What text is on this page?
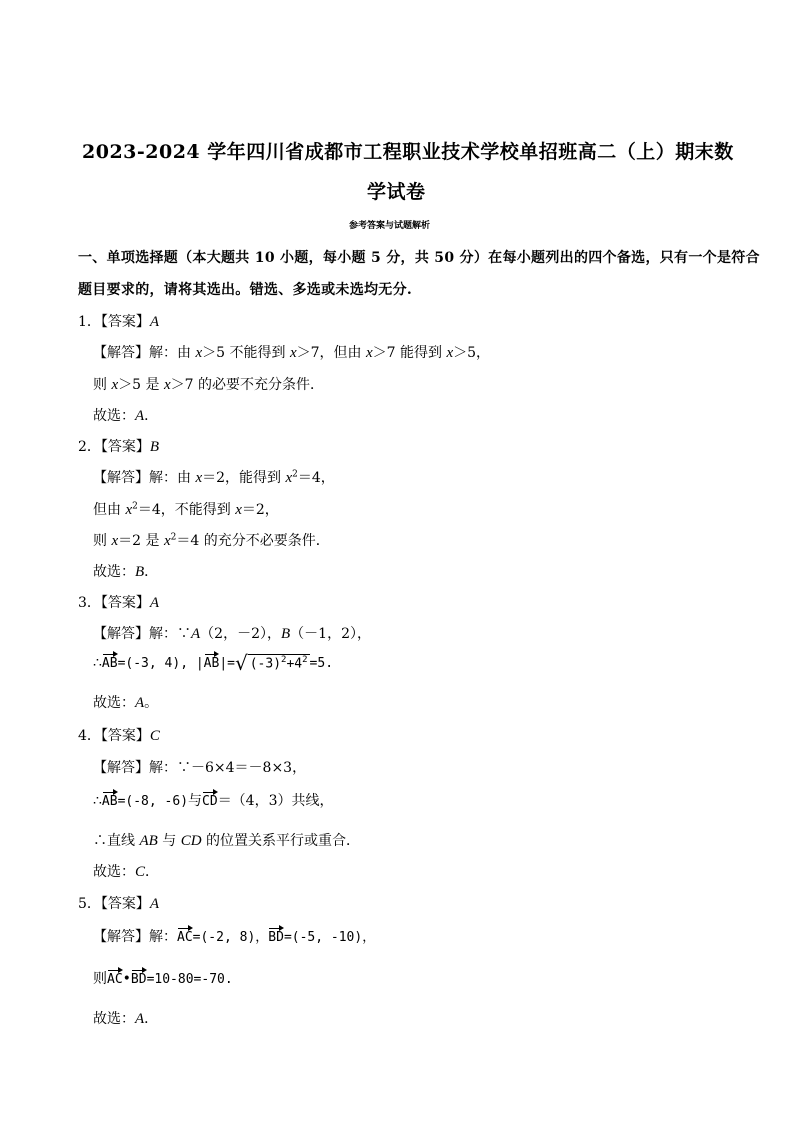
2023-2024 学年四川省成都市工程职业技术学校单招班高二（上）期末数
学试卷
参考答案与试题解析
一、单项选择题（本大题共 10 小题，每小题 5 分，共 50 分）在每小题列出的四个备选，只有一个是符合
题目要求的，请将其选出。错选、多选或未选均无分.
1．【答案】A
【解答】解：由 x＞5 不能得到 x＞7，但由 x＞7 能得到 x＞5，
则 x＞5 是 x＞7 的必要不充分条件．
故选：A．
2．【答案】B
【解答】解：由 x＝2，能得到 $x^2=4$，
但由 $x^2=4$，不能得到 x＝2，
则 x＝2 是 $x^2=4$ 的充分不必要条件．
故选：B．
3．【答案】A
【解答】解：∵A（2，－2），B（－1，2），
∴AB=(-3, 4), |AB|=√ $(-3)^2+4^2 =5$.
故选：A。
4．【答案】C
【解答】解：∵－6×4＝－8×3，
∴AB=(-8, -6)与CD＝（4，3）共线，
∴直线 AB 与 CD 的位置关系平行或重合．
故选：C．
5．【答案】A
【解答】解：AC=(-2, 8)，BD=(-5, -10)，
则AC•BD=10-80=-70.
故选：A．
